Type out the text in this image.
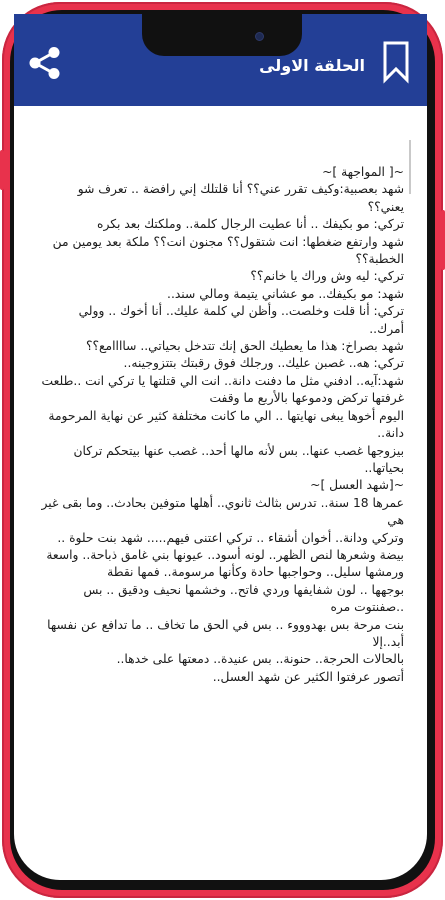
الحلقة الاولى
~[ المواجهة ]~
شهد بعصبية:وكيف تقرر عني؟؟ أنا قلتلك إني رافضة .. تعرف شو يعني؟؟
تركي: مو بكيفك .. أنا عطيت الرجال كلمة.. وملكتك بعد بكره
شهد وارتفع ضغطها: انت شتقول؟؟ مجنون انت؟؟ ملكة بعد يومين من الخطبة؟؟
تركي: ليه وش وراك يا خانم؟؟
شهد: مو بكيفك.. مو عشاني يتيمة ومالي سند..
تركي: أنا قلت وخلصت.. وأظن لي كلمة عليك.. أنا أخوك .. وولي أمرك..
شهد بصراخ: هذا ما يعطيك الحق إنك تتدخل بحياتي.. ساااامع؟؟
تركي: هه.. غصبن عليك.. ورجلك فوق رقبتك بتتزوجينه..
شهد:آيه.. ادفني مثل ما دفنت دانة.. انت الي قتلتها يا تركي انت ..طلعت غرفتها تركض ودموعها بالأربع ما وقفت
اليوم أخوها يبغى نهايتها .. الي ما كانت مختلفة كثير عن نهاية المرحومة دانة..
بيزوجها غصب عنها.. بس لأنه مالها أحد.. غصب عنها بيتحكم تركان بحياتها..
~[شهد العسل ]~
عمرها 18 سنة.. تدرس بثالث ثانوي.. أهلها متوفين بحادث.. وما بقى غير هي
وتركي ودانة.. أخوان أشقاء .. تركي اعتنى فيهم..... شهد بنت حلوة .. بيضة وشعرها لنص الظهر.. لونه أسود.. عيونها بني غامق ذباحة.. واسعة ورمشها سليل.. وحواجبها حادة وكأنها مرسومة.. فمها نقطة
بوجهها .. لون شفايفها وردي فاتح.. وخشمها نحيف ودقيق .. بس ..صفنتوت مره
بنت مرحة بس بهدوووء .. بس في الحق ما تخاف .. ما تدافع عن نفسها أبد..إلا
بالحالات الحرجة.. حنونة.. بس عنيدة.. دمعتها على خدها..
أتصور عرفتوا الكثير عن شهد العسل..
